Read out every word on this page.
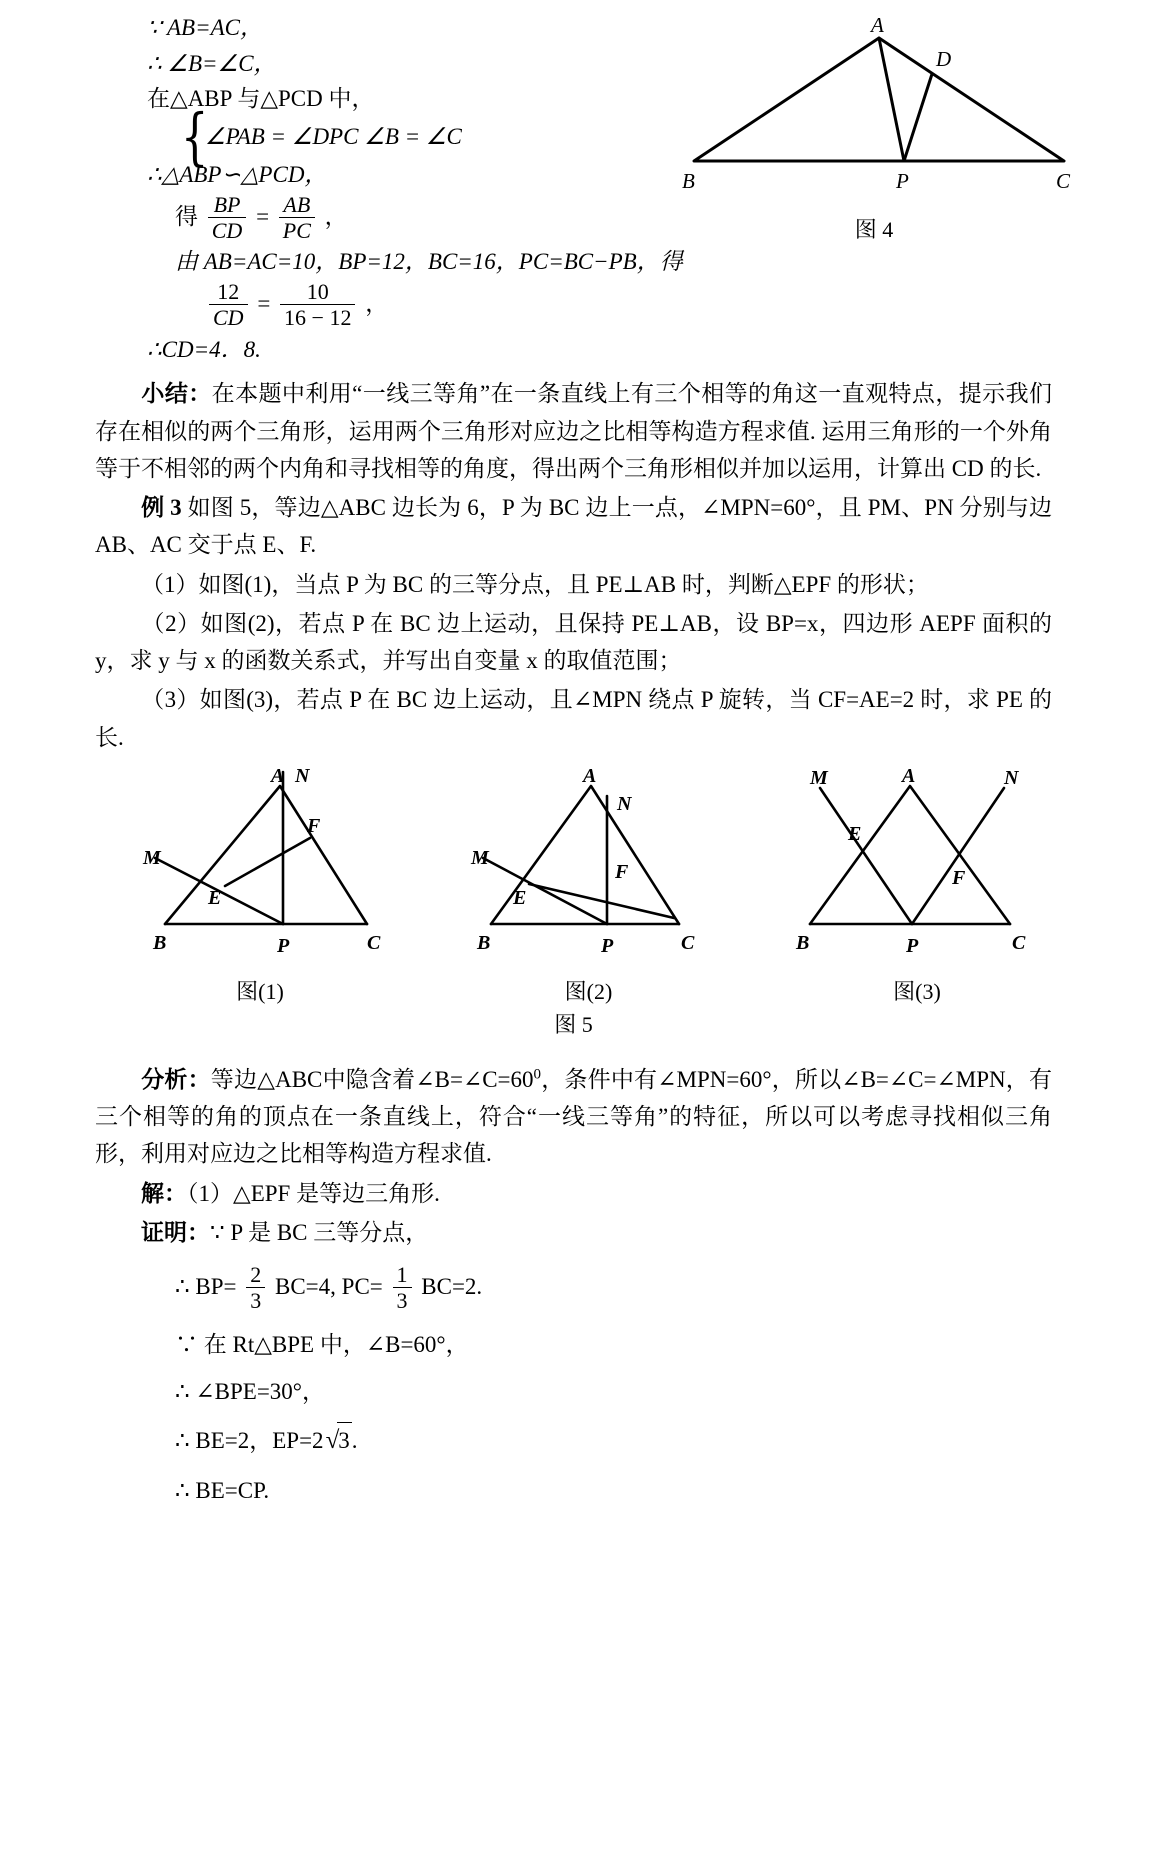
A
D
B	P	C
图 4
∵ AB=AC，
∴ ∠B=∠C，
在△ABP 与△PCD 中，
{
∠PAB = ∠DPC ∠B = ∠C
∴△ABP∽△PCD，
得 $\frac{BP}{CD} = \frac{AB}{PC}$ ，
由 AB=AC=10，BP=12，BC=16，PC=BC−PB，得
$\frac{12}{CD} = \frac{10}{16 - 12}$ ，
∴CD=4．8.
小结：在本题中利用“一线三等角”在一条直线上有三个相等的角这一直观特点，提示我们存在相似的两个三角形，运用两个三角形对应边之比相等构造方程求值. 运用三角形的一个外角等于不相邻的两个内角和寻找相等的角度，得出两个三角形相似并加以运用，计算出 CD 的长.
例 3 如图 5，等边△ABC 边长为 6，P 为 BC 边上一点，∠MPN=60°，且 PM、PN 分别与边 AB、AC 交于点 E、F.
（1）如图(1)，当点 P 为 BC 的三等分点，且 PE⊥AB 时，判断△EPF 的形状；
（2）如图(2)，若点 P 在 BC 边上运动，且保持 PE⊥AB，设 BP=x，四边形 AEPF 面积的 y，求 y 与 x 的函数关系式，并写出自变量 x 的取值范围；
（3）如图(3)，若点 P 在 BC 边上运动，且∠MPN 绕点 P 旋转，当 CF=AE=2 时，求 PE 的长.
A N
M
E
F
B	P	C
图(1)
A
N
M
E
F
B	P	C
图(2)
A	N
M
E
F
B	P	C
图(3)
图 5
分析：等边△ABC中隐含着$\angle B=\angle C=60^0$，条件中有∠MPN=60°，所以∠B=∠C=∠MPN，有三个相等的角的顶点在一条直线上，符合“一线三等角”的特征，所以可以考虑寻找相似三角形，利用对应边之比相等构造方程求值.
解：（1）△EPF 是等边三角形.
证明：∵ P 是 BC 三等分点，
∴ $BP= \frac{2}{3} BC=4$, $PC= \frac{1}{3} BC=2$.
∵ 在 Rt△BPE 中，∠B=60°，
∴ ∠BPE=30°，
∴ BE=2，EP=2√3.
∴ BE=CP.
